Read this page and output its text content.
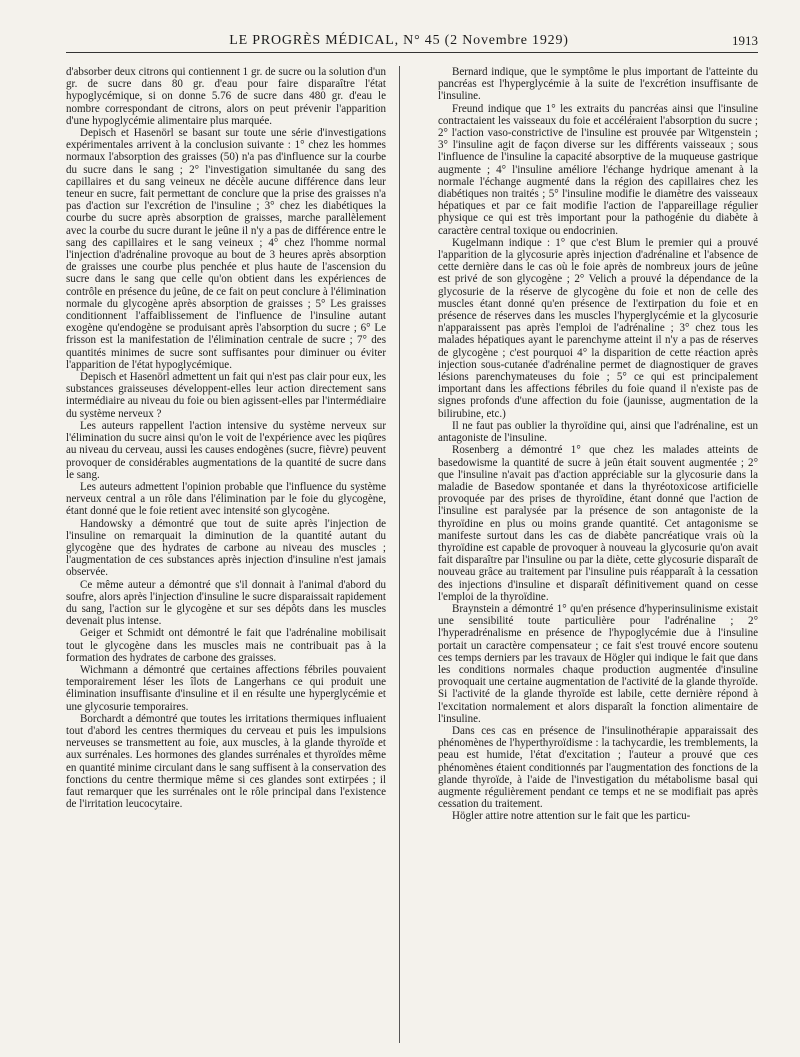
LE PROGRÈS MÉDICAL, N° 45 (2 Novembre 1929)	1913

d'absorber deux citrons qui contiennent 1 gr. de sucre ou la solution d'un gr. de sucre dans 80 gr. d'eau pour faire disparaître l'état hypoglycémique, si on donne 5.76 de sucre dans 480 gr. d'eau le nombre correspondant de citrons, alors on peut prévenir l'apparition d'une hypoglycémie alimentaire plus marquée.

Depisch et Hasenörl se basant sur toute une série d'investigations expérimentales arrivent à la conclusion suivante : 1° chez les hommes normaux l'absorption des graisses (50) n'a pas d'influence sur la courbe du sucre dans le sang ; 2° l'investigation simultanée du sang des capillaires et du sang veineux ne décèle aucune différence dans leur teneur en sucre, fait permettant de conclure que la prise des graisses n'a pas d'action sur l'excrétion de l'insuline ; 3° chez les diabétiques la courbe du sucre après absorption de graisses, marche parallèlement avec la courbe du sucre durant le jeûne il n'y a pas de différence entre le sang des capillaires et le sang veineux ; 4° chez l'homme normal l'injection d'adrénaline provoque au bout de 3 heures après absorption de graisses une courbe plus penchée et plus haute de l'ascension du sucre dans le sang que celle qu'on obtient dans les expériences de contrôle en présence du jeûne, de ce fait on peut conclure à l'élimination normale du glycogène après absorption de graisses ; 5° Les graisses conditionnent l'affaiblissement de l'influence de l'insuline autant exogène qu'endogène se produisant après l'absorption du sucre ; 6° Le frisson est la manifestation de l'élimination centrale de sucre ; 7° des quantités minimes de sucre sont suffisantes pour diminuer ou éviter l'apparition de l'état hypoglycémique.

Depisch et Hasenörl admettent un fait qui n'est pas clair pour eux, les substances graisseuses développent-elles leur action directement sans intermédiaire au niveau du foie ou bien agissent-elles par l'intermédiaire du système nerveux ?

Les auteurs rappellent l'action intensive du système nerveux sur l'élimination du sucre ainsi qu'on le voit de l'expérience avec les piqûres au niveau du cerveau, aussi les causes endogènes (sucre, fièvre) peuvent provoquer de considérables augmentations de la quantité de sucre dans le sang.

Les auteurs admettent l'opinion probable que l'influence du système nerveux central a un rôle dans l'élimination par le foie du glycogène, étant donné que le foie retient avec intensité son glycogène.

Handowsky a démontré que tout de suite après l'injection de l'insuline on remarquait la diminution de la quantité autant du glycogène que des hydrates de carbone au niveau des muscles ; l'augmentation de ces substances après injection d'insuline n'est jamais observée.

Ce même auteur a démontré que s'il donnait à l'animal d'abord du soufre, alors après l'injection d'insuline le sucre disparaissait rapidement du sang, l'action sur le glycogène et sur ses dépôts dans les muscles devenait plus intense.

Geiger et Schmidt ont démontré le fait que l'adrénaline mobilisait tout le glycogène dans les muscles mais ne contribuait pas à la formation des hydrates de carbone des graisses.

Wichmann a démontré que certaines affections fébriles pouvaient temporairement léser les îlots de Langerhans ce qui produit une élimination insuffisante d'insuline et il en résulte une hyperglycémie et une glycosurie temporaires.

Borchardt a démontré que toutes les irritations thermiques influaient tout d'abord les centres thermiques du cerveau et puis les impulsions nerveuses se transmettent au foie, aux muscles, à la glande thyroïde et aux surrénales. Les hormones des glandes surrénales et thyroïdes même en quantité minime circulant dans le sang suffisent à la conservation des fonctions du centre thermique même si ces glandes sont extirpées ; il faut remarquer que les surrénales ont le rôle principal dans l'existence de l'irritation leucocytaire.

Bernard indique, que le symptôme le plus important de l'atteinte du pancréas est l'hyperglycémie à la suite de l'excrétion insuffisante de l'insuline.

Freund indique que 1° les extraits du pancréas ainsi que l'insuline contractaient les vaisseaux du foie et accéléraient l'absorption du sucre ; 2° l'action vaso-constrictive de l'insuline est prouvée par Witgenstein ; 3° l'insuline agit de façon diverse sur les différents vaisseaux ; sous l'influence de l'insuline la capacité absorptive de la muqueuse gastrique augmente ; 4° l'insuline améliore l'échange hydrique amenant à la normale l'échange augmenté dans la région des capillaires chez les diabétiques non traités ; 5° l'insuline modifie le diamètre des vaisseaux hépatiques et par ce fait modifie l'action de l'appareillage régulier physique ce qui est très important pour la pathogénie du diabète à caractère central toxique ou endocrinien.

Kugelmann indique : 1° que c'est Blum le premier qui a prouvé l'apparition de la glycosurie après injection d'adrénaline et l'absence de cette dernière dans le cas où le foie après de nombreux jours de jeûne est privé de son glycogène ; 2° Velich a prouvé la dépendance de la glycosurie de la réserve de glycogène du foie et non de celle des muscles étant donné qu'en présence de l'extirpation du foie et en présence de réserves dans les muscles l'hyperglycémie et la glycosurie n'apparaissent pas après l'emploi de l'adrénaline ; 3° chez tous les malades hépatiques ayant le parenchyme atteint il n'y a pas de réserves de glycogène ; c'est pourquoi 4° la disparition de cette réaction après injection sous-cutanée d'adrénaline permet de diagnostiquer de graves lésions parenchymateuses du foie ; 5° ce qui est principalement important dans les affections fébriles du foie quand il n'existe pas de signes profonds d'une affection du foie (jaunisse, augmentation de la bilirubine, etc.)

Il ne faut pas oublier la thyroïdine qui, ainsi que l'adrénaline, est un antagoniste de l'insuline.

Rosenberg a démontré 1° que chez les malades atteints de basedowisme la quantité de sucre à jeûn était souvent augmentée ; 2° que l'insuline n'avait pas d'action appréciable sur la glycosurie dans la maladie de Basedow spontanée et dans la thyréotoxicose artificielle provoquée par des prises de thyroïdine, étant donné que l'action de l'insuline est paralysée par la présence de son antagoniste de la thyroïdine en plus ou moins grande quantité. Cet antagonisme se manifeste surtout dans les cas de diabète pancréatique vrais où la thyroïdine est capable de provoquer à nouveau la glycosurie qu'on avait fait disparaître par l'insuline ou par la diète, cette glycosurie disparaît de nouveau grâce au traitement par l'insuline puis réapparaît à la cessation des injections d'insuline et disparaît définitivement quand on cesse l'emploi de la thyroïdine.

Braynstein a démontré 1° qu'en présence d'hyperinsulinisme existait une sensibilité toute particulière pour l'adrénaline ; 2° l'hyperadrénalisme en présence de l'hypoglycémie due à l'insuline portait un caractère compensateur ; ce fait s'est trouvé encore soutenu ces temps derniers par les travaux de Högler qui indique le fait que dans les conditions normales chaque production augmentée d'insuline provoquait une certaine augmentation de l'activité de la glande thyroïde. Si l'activité de la glande thyroïde est labile, cette dernière répond à l'excitation normalement et alors disparaît la fonction alimentaire de l'insuline.

Dans ces cas en présence de l'insulinothérapie apparaissait des phénomènes de l'hyperthyroïdisme : la tachycardie, les tremblements, la peau est humide, l'état d'excitation ; l'auteur a prouvé que ces phénomènes étaient conditionnés par l'augmentation des fonctions de la glande thyroïde, à l'aide de l'investigation du métabolisme basal qui augmente régulièrement pendant ce temps et ne se modifiait pas après cessation du traitement.

Högler attire notre attention sur le fait que les particu-
